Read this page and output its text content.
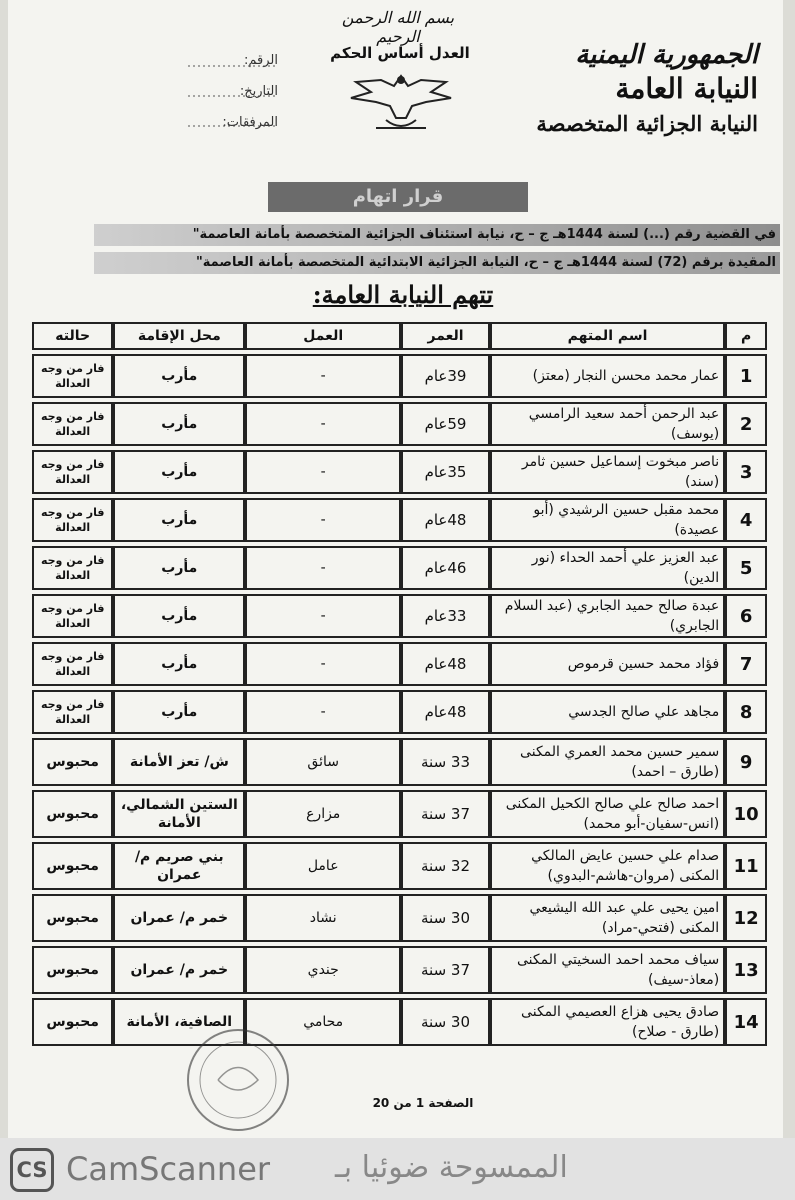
بسم الله الرحمن الرحيم
العدل أساس الحكم	الجمهورية اليمنية
النيابة العامة
النيابة الجزائية المتخصصة
الرقم:
التاريخ:
المرفقات:
قرار اتهام
في القضية رقم (...) لسنة 1444هـ ج – ح، نيابة استئناف الجزائية المتخصصة بأمانة العاصمة"
المقيدة برقم (72) لسنة 1444هـ ج – ح، النيابة الجزائية الابتدائية المتخصصة بأمانة العاصمة"
تتهم النيابة العامة:
م	اسم المتهم	العمر	العمل	محل الإقامة	حالته
1	عمار محمد محسن النجار (معتز)	39عام	-	مأرب	فار من وجه العدالة
2	عبد الرحمن أحمد سعيد الرامسي (يوسف)	59عام	-	مأرب	فار من وجه العدالة
3	ناصر مبخوت إسماعيل حسين ثامر (سند)	35عام	-	مأرب	فار من وجه العدالة
4	محمد مقبل حسين الرشيدي (أبو عصيدة)	48عام	-	مأرب	فار من وجه العدالة
5	عبد العزيز علي أحمد الحداء (نور الدين)	46عام	-	مأرب	فار من وجه العدالة
6	عبدة صالح حميد الجابري (عبد السلام الجابري)	33عام	-	مأرب	فار من وجه العدالة
7	فؤاد محمد حسين قرموص	48عام	-	مأرب	فار من وجه العدالة
8	مجاهد علي صالح الجدسي	48عام	-	مأرب	فار من وجه العدالة
9	سمير حسين محمد العمري المكنى (طارق – احمد)	33 سنة	سائق	ش/ تعز الأمانة	محبوس
10	احمد صالح علي صالح الكحيل المكنى (انس-سفيان-أبو محمد)	37 سنة	مزارع	الستين الشمالي، الأمانة	محبوس
11	صدام علي حسين عايض المالكي المكنى (مروان-هاشم-البدوي)	32 سنة	عامل	بني صريم م/ عمران	محبوس
12	امين يحيى علي عبد الله اليشيعي المكنى (فتحي-مراد)	30 سنة	نشاد	خمر م/ عمران	محبوس
13	سياف محمد احمد السخيتي المكنى (معاذ-سيف)	37 سنة	جندي	خمر م/ عمران	محبوس
14	صادق يحيى هزاع العصيمي المكنى (طارق - صلاح)	30 سنة	محامي	الصافية، الأمانة	محبوس
الصفحة 1 من 20
CS CamScanner الممسوحة ضوئيا بـ
